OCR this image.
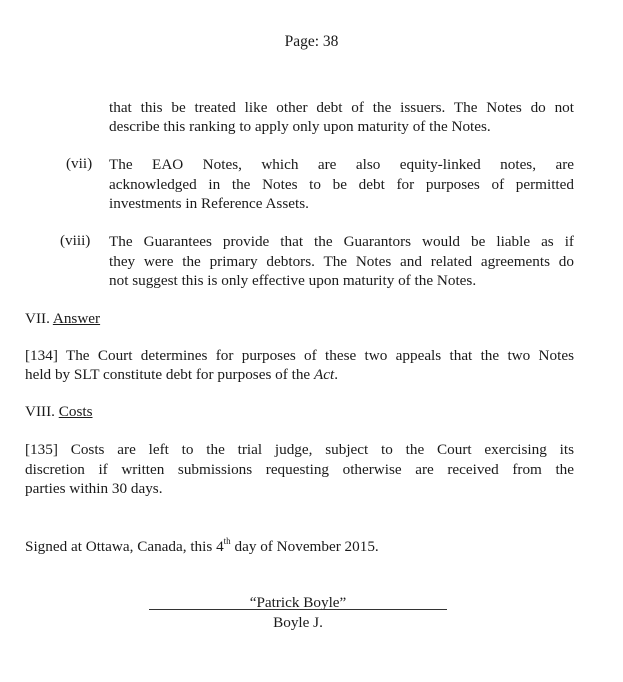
Page: 38
that this be treated like other debt of the issuers. The Notes do not
describe this ranking to apply only upon maturity of the Notes.
(vii) The EAO Notes, which are also equity-linked notes, are
acknowledged in the Notes to be debt for purposes of permitted
investments in Reference Assets.
(viii) The Guarantees provide that the Guarantors would be liable as if
they were the primary debtors. The Notes and related agreements do
not suggest this is only effective upon maturity of the Notes.
VII. Answer
[134] The Court determines for purposes of these two appeals that the two Notes
held by SLT constitute debt for purposes of the Act.
VIII. Costs
[135] Costs are left to the trial judge, subject to the Court exercising its
discretion if written submissions requesting otherwise are received from the
parties within 30 days.
Signed at Ottawa, Canada, this 4th day of November 2015.
“Patrick Boyle”
Boyle J.
